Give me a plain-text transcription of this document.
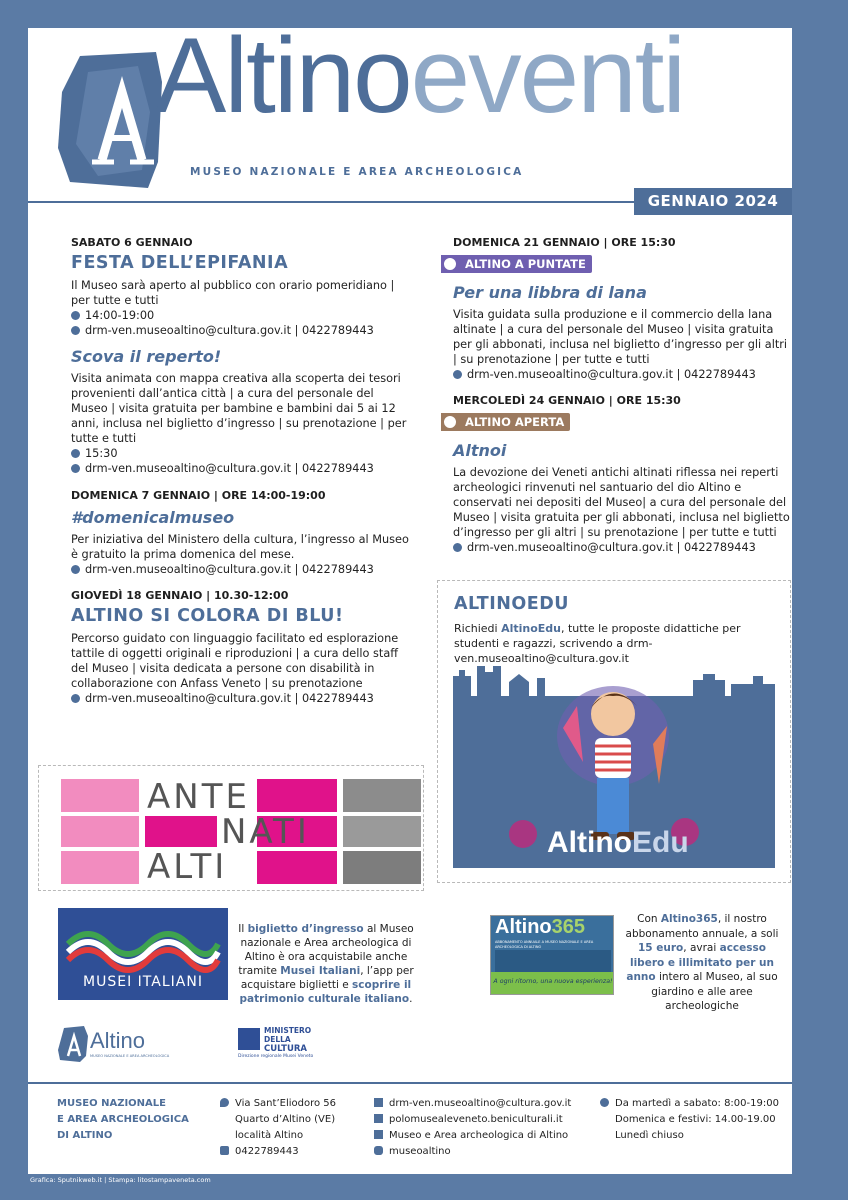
Altinoeventi
MUSEO NAZIONALE E AREA ARCHEOLOGICA
GENNAIO 2024
SABATO 6 GENNAIO
FESTA DELL’EPIFANIA
Il Museo sarà aperto al pubblico con orario pomeridiano | per tutte e tutti
14:00-19:00
drm-ven.museoaltino@cultura.gov.it | 0422789443
Scova il reperto!
Visita animata con mappa creativa alla scoperta dei tesori provenienti dall’antica città | a cura del personale del Museo | visita gratuita per bambine e bambini dai 5 ai 12 anni, inclusa nel biglietto d’ingresso | su prenotazione | per tutte e tutti
15:30
drm-ven.museoaltino@cultura.gov.it | 0422789443
DOMENICA 7 GENNAIO | ORE 14:00-19:00
#domenicalmuseo
Per iniziativa del Ministero della cultura, l’ingresso al Museo è gratuito la prima domenica del mese.
drm-ven.museoaltino@cultura.gov.it | 0422789443
GIOVEDÌ 18 GENNAIO | 10.30-12:00
ALTINO SI COLORA DI BLU!
Percorso guidato con linguaggio facilitato ed esplorazione tattile di oggetti originali e riproduzioni | a cura dello staff del Museo | visita dedicata a persone con disabilità in collaborazione con Anfass Veneto | su prenotazione
drm-ven.museoaltino@cultura.gov.it | 0422789443
DOMENICA 21 GENNAIO | ORE 15:30
ALTINO A PUNTATE
Per una libbra di lana
Visita guidata sulla produzione e il commercio della lana altinate | a cura del personale del Museo | visita gratuita per gli abbonati, inclusa nel biglietto d’ingresso per gli altri | su prenotazione | per tutte e tutti
drm-ven.museoaltino@cultura.gov.it | 0422789443
MERCOLEDÌ 24 GENNAIO | ORE 15:30
ALTINO APERTA
Altnoi
La devozione dei Veneti antichi altinati riflessa nei reperti archeologici rinvenuti nel santuario del dio Altino e conservati nei depositi del Museo| a cura del personale del Museo | visita gratuita per gli abbonati, inclusa nel biglietto d’ingresso per gli altri | su prenotazione | per tutte e tutti
drm-ven.museoaltino@cultura.gov.it | 0422789443
ALTINOEDU
Richiedi AltinoEdu, tutte le proposte didattiche per studenti e ragazzi, scrivendo a drm-ven.museoaltino@cultura.gov.it
AltinoEdu
ANTE
NATI
ALTI
MUSEI ITALIANI
Il biglietto d’ingresso al Museo nazionale e Area archeologica di Altino è ora acquistabile anche tramite Musei Italiani, l’app per acquistare biglietti e scoprire il patrimonio culturale italiano.
Altino365
ABBONAMENTO ANNUALE A MUSEO NAZIONALE E AREA ARCHEOLOGICA DI ALTINO
A ogni ritorno, una nuova esperienza!
Con Altino365, il nostro abbonamento annuale, a soli 15 euro, avrai accesso libero e illimitato per un anno intero al Museo, al suo giardino e alle aree archeologiche
Altino
MUSEO NAZIONALE E AREA ARCHEOLOGICA
MINISTERO
DELLA
CULTURA
Direzione regionale Musei Veneto
MUSEO NAZIONALE
E AREA ARCHEOLOGICA
DI ALTINO
Via Sant’Eliodoro 56
Quarto d’Altino (VE)
località Altino
0422789443
drm-ven.museoaltino@cultura.gov.it
polomusealeveneto.beniculturali.it
Museo e Area archeologica di Altino
museoaltino
Da martedì a sabato: 8:00-19:00
Domenica e festivi: 14.00-19.00
Lunedì chiuso
Grafica: Sputnikweb.it | Stampa: litostampaveneta.com
